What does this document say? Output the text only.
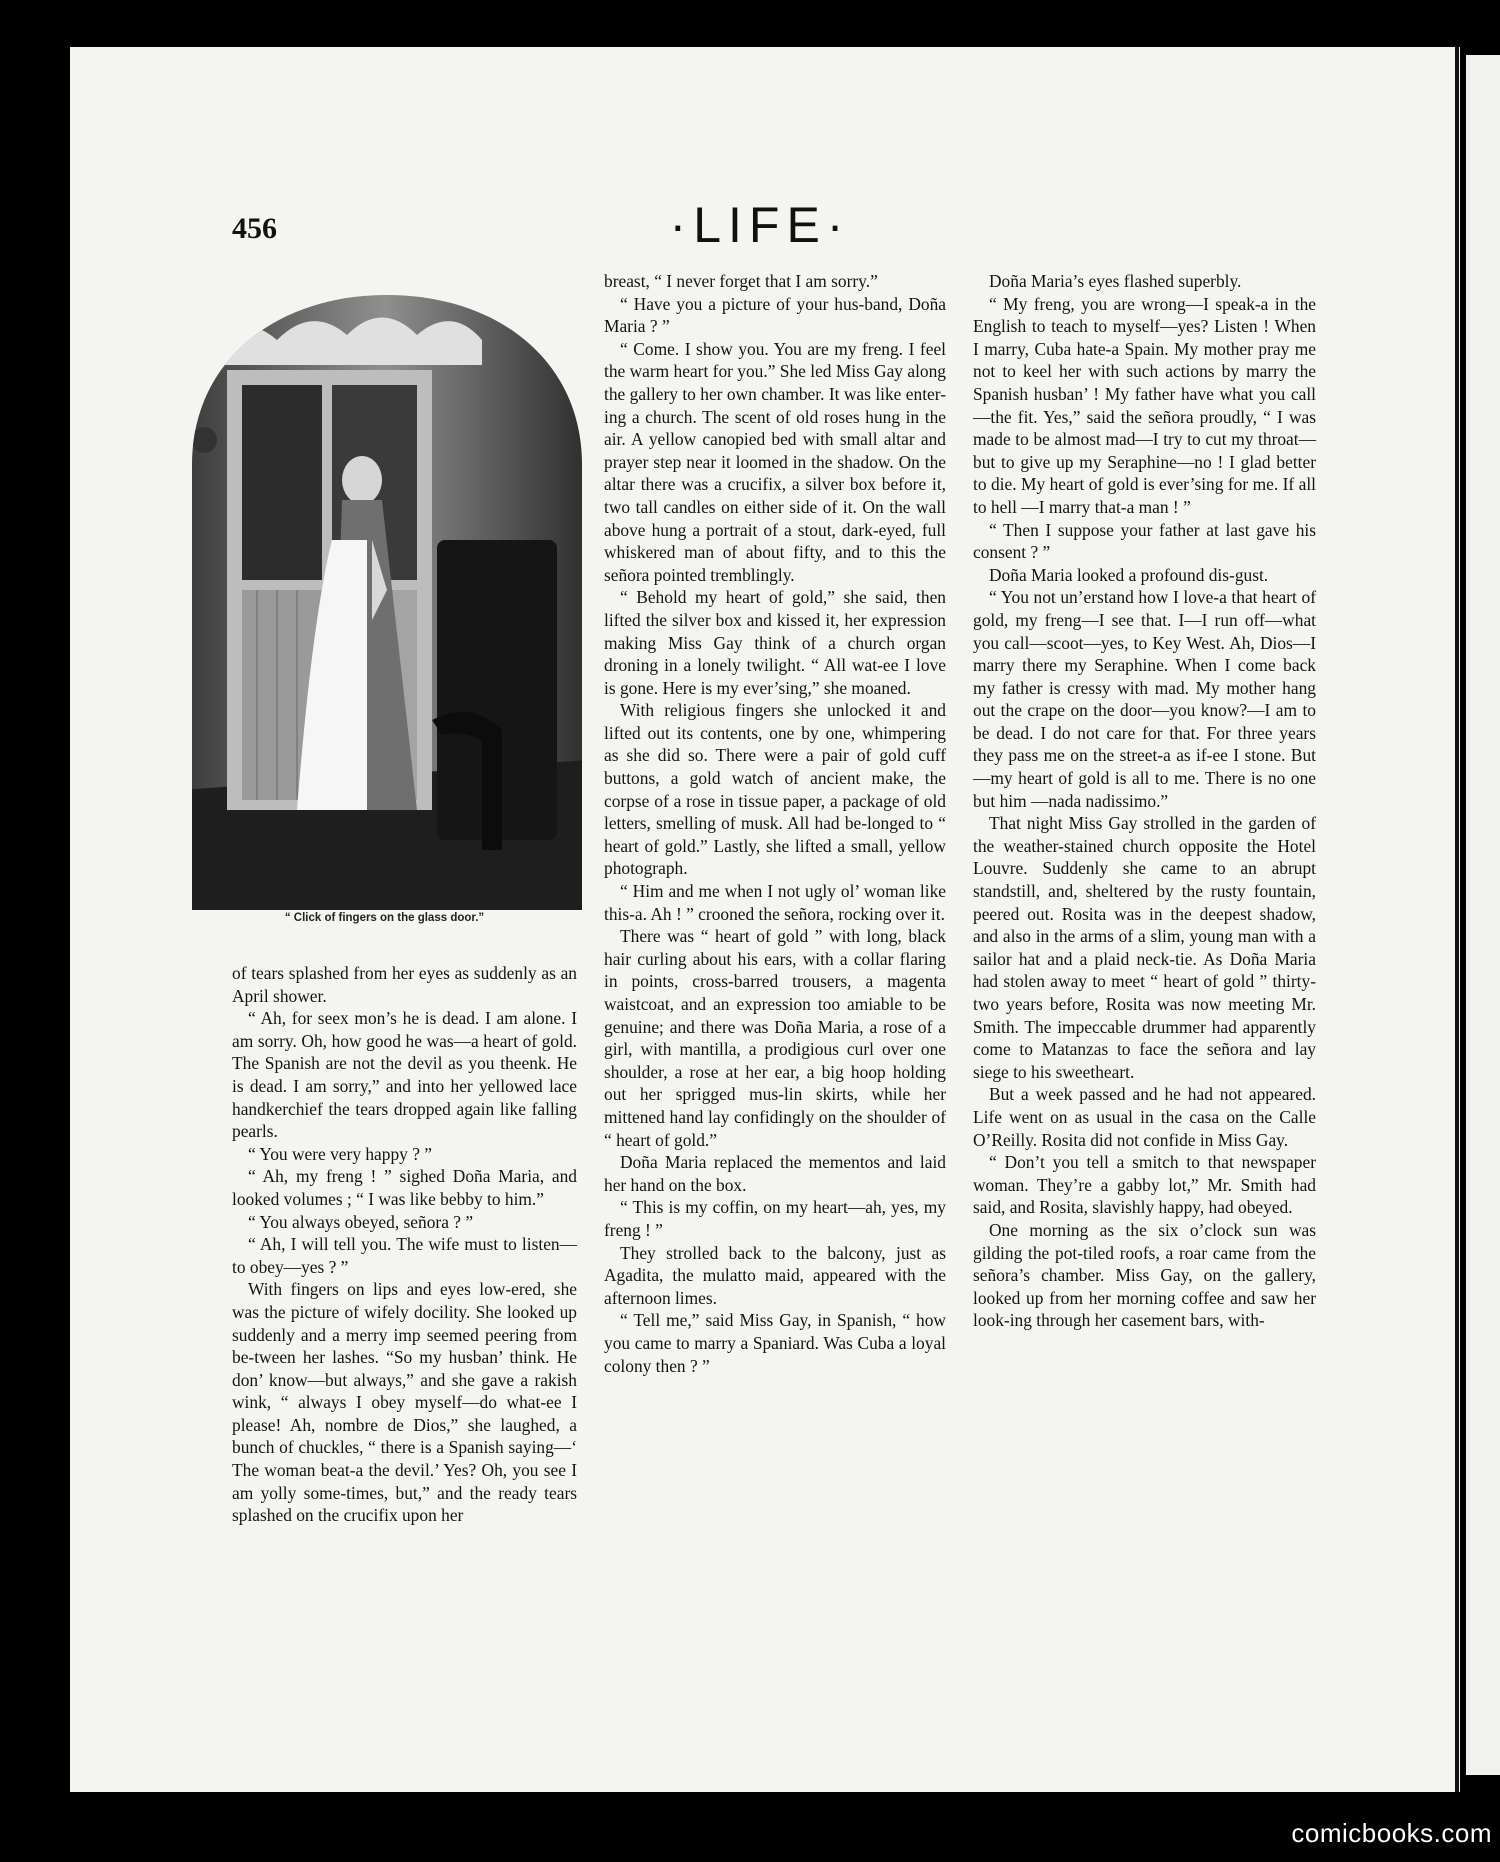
456	·LIFE·
“ Click of fingers on the glass door.”

of tears splashed from her eyes as suddenly as an April shower.

“ Ah, for seex mon’s he is dead. I am alone. I am sorry. Oh, how good he was—a heart of gold. The Spanish are not the devil as you theenk. He is dead. I am sorry,” and into her yellowed lace handkerchief the tears dropped again like falling pearls.

“ You were very happy ? ”

“ Ah, my freng ! ” sighed Doña Maria, and looked volumes ; “ I was like bebby to him.”

“ You always obeyed, señora ? ”

“ Ah, I will tell you. The wife must to listen—to obey—yes ? ”

With fingers on lips and eyes low-ered, she was the picture of wifely docility. She looked up suddenly and a merry imp seemed peering from be-tween her lashes. “So my husban’ think. He don’ know—but always,” and she gave a rakish wink, “ always I obey myself—do what-ee I please! Ah, nombre de Dios,” she laughed, a bunch of chuckles, “ there is a Spanish saying—‘ The woman beat-a the devil.’ Yes? Oh, you see I am yolly some-times, but,” and the ready tears splashed on the crucifix upon her

breast, “ I never forget that I am sorry.”

“ Have you a picture of your hus-band, Doña Maria ? ”

“ Come. I show you. You are my freng. I feel the warm heart for you.” She led Miss Gay along the gallery to her own chamber. It was like enter-ing a church. The scent of old roses hung in the air. A yellow canopied bed with small altar and prayer step near it loomed in the shadow. On the altar there was a crucifix, a silver box before it, two tall candles on either side of it. On the wall above hung a portrait of a stout, dark-eyed, full whiskered man of about fifty, and to this the señora pointed tremblingly.

“ Behold my heart of gold,” she said, then lifted the silver box and kissed it, her expression making Miss Gay think of a church organ droning in a lonely twilight. “ All wat-ee I love is gone. Here is my ever’sing,” she moaned.

With religious fingers she unlocked it and lifted out its contents, one by one, whimpering as she did so. There were a pair of gold cuff buttons, a gold watch of ancient make, the corpse of a rose in tissue paper, a package of old letters, smelling of musk. All had be-longed to “ heart of gold.” Lastly, she lifted a small, yellow photograph.

“ Him and me when I not ugly ol’ woman like this-a. Ah ! ” crooned the señora, rocking over it.

There was “ heart of gold ” with long, black hair curling about his ears, with a collar flaring in points, cross-barred trousers, a magenta waistcoat, and an expression too amiable to be genuine; and there was Doña Maria, a rose of a girl, with mantilla, a prodigious curl over one shoulder, a rose at her ear, a big hoop holding out her sprigged mus-lin skirts, while her mittened hand lay confidingly on the shoulder of “ heart of gold.”

Doña Maria replaced the mementos and laid her hand on the box.

“ This is my coffin, on my heart—ah, yes, my freng ! ”

They strolled back to the balcony, just as Agadita, the mulatto maid, appeared with the afternoon limes.

“ Tell me,” said Miss Gay, in Spanish, “ how you came to marry a Spaniard. Was Cuba a loyal colony then ? ”

Doña Maria’s eyes flashed superbly.

“ My freng, you are wrong—I speak-a in the English to teach to myself—yes? Listen ! When I marry, Cuba hate-a Spain. My mother pray me not to keel her with such actions by marry the Spanish husban’ ! My father have what you call—the fit. Yes,” said the señora proudly, “ I was made to be almost mad—I try to cut my throat—but to give up my Seraphine—no ! I glad better to die. My heart of gold is ever’sing for me. If all to hell —I marry that-a man ! ”

“ Then I suppose your father at last gave his consent ? ”

Doña Maria looked a profound dis-gust.

“ You not un’erstand how I love-a that heart of gold, my freng—I see that. I—I run off—what you call—scoot—yes, to Key West. Ah, Dios—I marry there my Seraphine. When I come back my father is cressy with mad. My mother hang out the crape on the door—you know?—I am to be dead. I do not care for that. For three years they pass me on the street-a as if-ee I stone. But—my heart of gold is all to me. There is no one but him —nada nadissimo.”

That night Miss Gay strolled in the garden of the weather-stained church opposite the Hotel Louvre. Suddenly she came to an abrupt standstill, and, sheltered by the rusty fountain, peered out. Rosita was in the deepest shadow, and also in the arms of a slim, young man with a sailor hat and a plaid neck-tie. As Doña Maria had stolen away to meet “ heart of gold ” thirty-two years before, Rosita was now meeting Mr. Smith. The impeccable drummer had apparently come to Matanzas to face the señora and lay siege to his sweetheart.

But a week passed and he had not appeared. Life went on as usual in the casa on the Calle O’Reilly. Rosita did not confide in Miss Gay.

“ Don’t you tell a smitch to that newspaper woman. They’re a gabby lot,” Mr. Smith had said, and Rosita, slavishly happy, had obeyed.

One morning as the six o’clock sun was gilding the pot-tiled roofs, a roar came from the señora’s chamber. Miss Gay, on the gallery, looked up from her morning coffee and saw her look-ing through her casement bars, with-

comicbooks.com
